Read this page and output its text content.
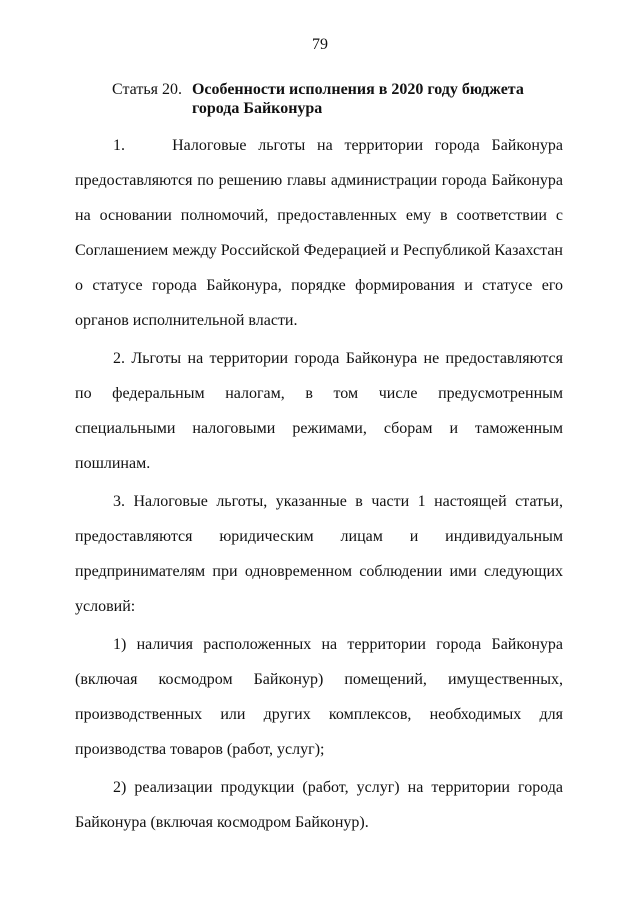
79
Статья 20. Особенности исполнения в 2020 году бюджета города Байконура

1.    Налоговые льготы на территории города Байконура предоставляются по решению главы администрации города Байконура на основании полномочий, предоставленных ему в соответствии с Соглашением между Российской Федерацией и Республикой Казахстан о статусе города Байконура, порядке формирования и статусе его органов исполнительной власти.

2. Льготы на территории города Байконура не предоставляются по федеральным налогам, в том числе предусмотренным специальными налоговыми режимами, сборам и таможенным пошлинам.

3. Налоговые льготы, указанные в части 1 настоящей статьи, предоставляются юридическим лицам и индивидуальным предпринимателям при одновременном соблюдении ими следующих условий:

1) наличия расположенных на территории города Байконура (включая космодром Байконур) помещений, имущественных, производственных или других комплексов, необходимых для производства товаров (работ, услуг);

2) реализации продукции (работ, услуг) на территории города Байконура (включая космодром Байконур).
